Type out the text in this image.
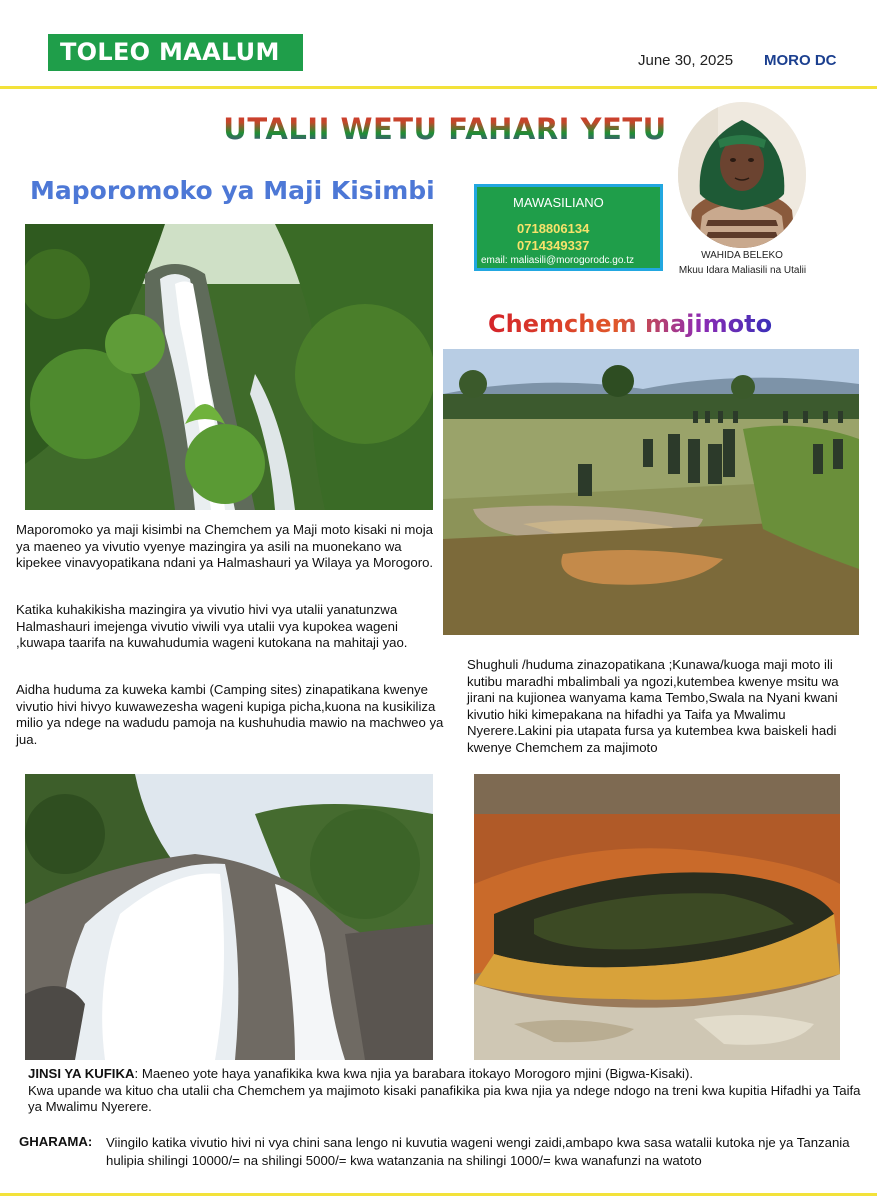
TOLEO MAALUM	June 30, 2025 MORO DC
UTALII WETU FAHARI YETU
Maporomoko ya Maji Kisimbi	MAWASILIANO
0718806134
0714349337
email: maliasili@morogorodc.go.tz	WAHIDA BELEKO
Mkuu Idara Maliasili na Utalii
Chemchem majimoto

Maporomoko ya maji kisimbi na Chemchem ya Maji moto kisaki ni moja ya maeneo ya vivutio vyenye mazingira ya asili na muonekano wa kipekee vinavyopatikana ndani ya Halmashauri ya Wilaya ya Morogoro.

Katika kuhakikisha mazingira ya vivutio hivi vya utalii yanatunzwa Halmashauri imejenga vivutio viwili vya utalii vya kupokea wageni ,kuwapa taarifa na kuwahudumia wageni kutokana na mahitaji yao.

Aidha huduma za kuweka kambi (Camping sites) zinapatikana kwenye vivutio hivi hivyo kuwawezesha wageni kupiga picha,kuona na kusikiliza milio ya ndege na wadudu pamoja na kushuhudia mawio na machweo ya jua.

Shughuli /huduma zinazopatikana ;Kunawa/kuoga maji moto ili kutibu maradhi mbalimbali ya ngozi,kutembea kwenye msitu wa jirani na kujionea wanyama kama Tembo,Swala na Nyani kwani kivutio hiki kimepakana na hifadhi ya Taifa ya Mwalimu Nyerere.Lakini pia utapata fursa ya kutembea kwa baiskeli hadi kwenye Chemchem za majimoto

JINSI YA KUFIKA: Maeneo yote haya yanafikika kwa kwa njia ya barabara itokayo Morogoro mjini (Bigwa-Kisaki).
Kwa upande wa kituo cha utalii cha Chemchem ya majimoto kisaki panafikika pia kwa njia ya ndege ndogo na treni kwa kupitia Hifadhi ya Taifa ya Mwalimu Nyerere.
GHARAMA: Viingilo katika vivutio hivi ni vya chini sana lengo ni kuvutia wageni wengi zaidi,ambapo kwa sasa watalii kutoka nje ya Tanzania hulipia shilingi 10000/= na shilingi 5000/= kwa watanzania na shilingi 1000/= kwa wanafunzi na watoto
